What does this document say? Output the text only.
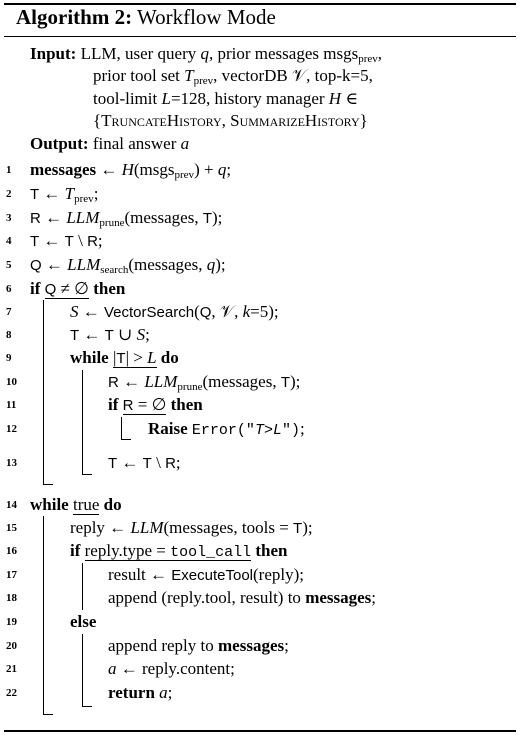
Algorithm 2: Workflow Mode
Input: LLM, user query q, prior messages msgs$_{prev}$,
prior tool set $T_{prev}$, vectorDB 𝒱, top-k=5,
tool-limit L=128, history manager H ∈
{TruncateHistory, SummarizeHistory}
Output: final answer a
1
2
3
4
5
6
7
8
9
10
11
12
13
14
15
16
17
18
19
20
21
22
messages ← H(msgs$_{prev}$) + q;
T ← $T_{prev}$;
R ← $LLM_{prune}(messages$, T);
T ← T \ R;
Q ← $LLM_{search}(messages$, q);
if Q ≠ ∅ then
S ← VectorSearch(Q, 𝒱, k=5);
T ← T ∪ S;
while |T| > L do
R ← $LLM_{prune}(messages$, T);
if R = ∅ then
Raise Error("T>L");
T ← T \ R;
while true do
reply ← LLM(messages, tools = T);
if reply.type = tool_call then
result ← ExecuteTool(reply);
append (reply.tool, result) to messages;
else
append reply to messages;
a ← reply.content;
return a;
